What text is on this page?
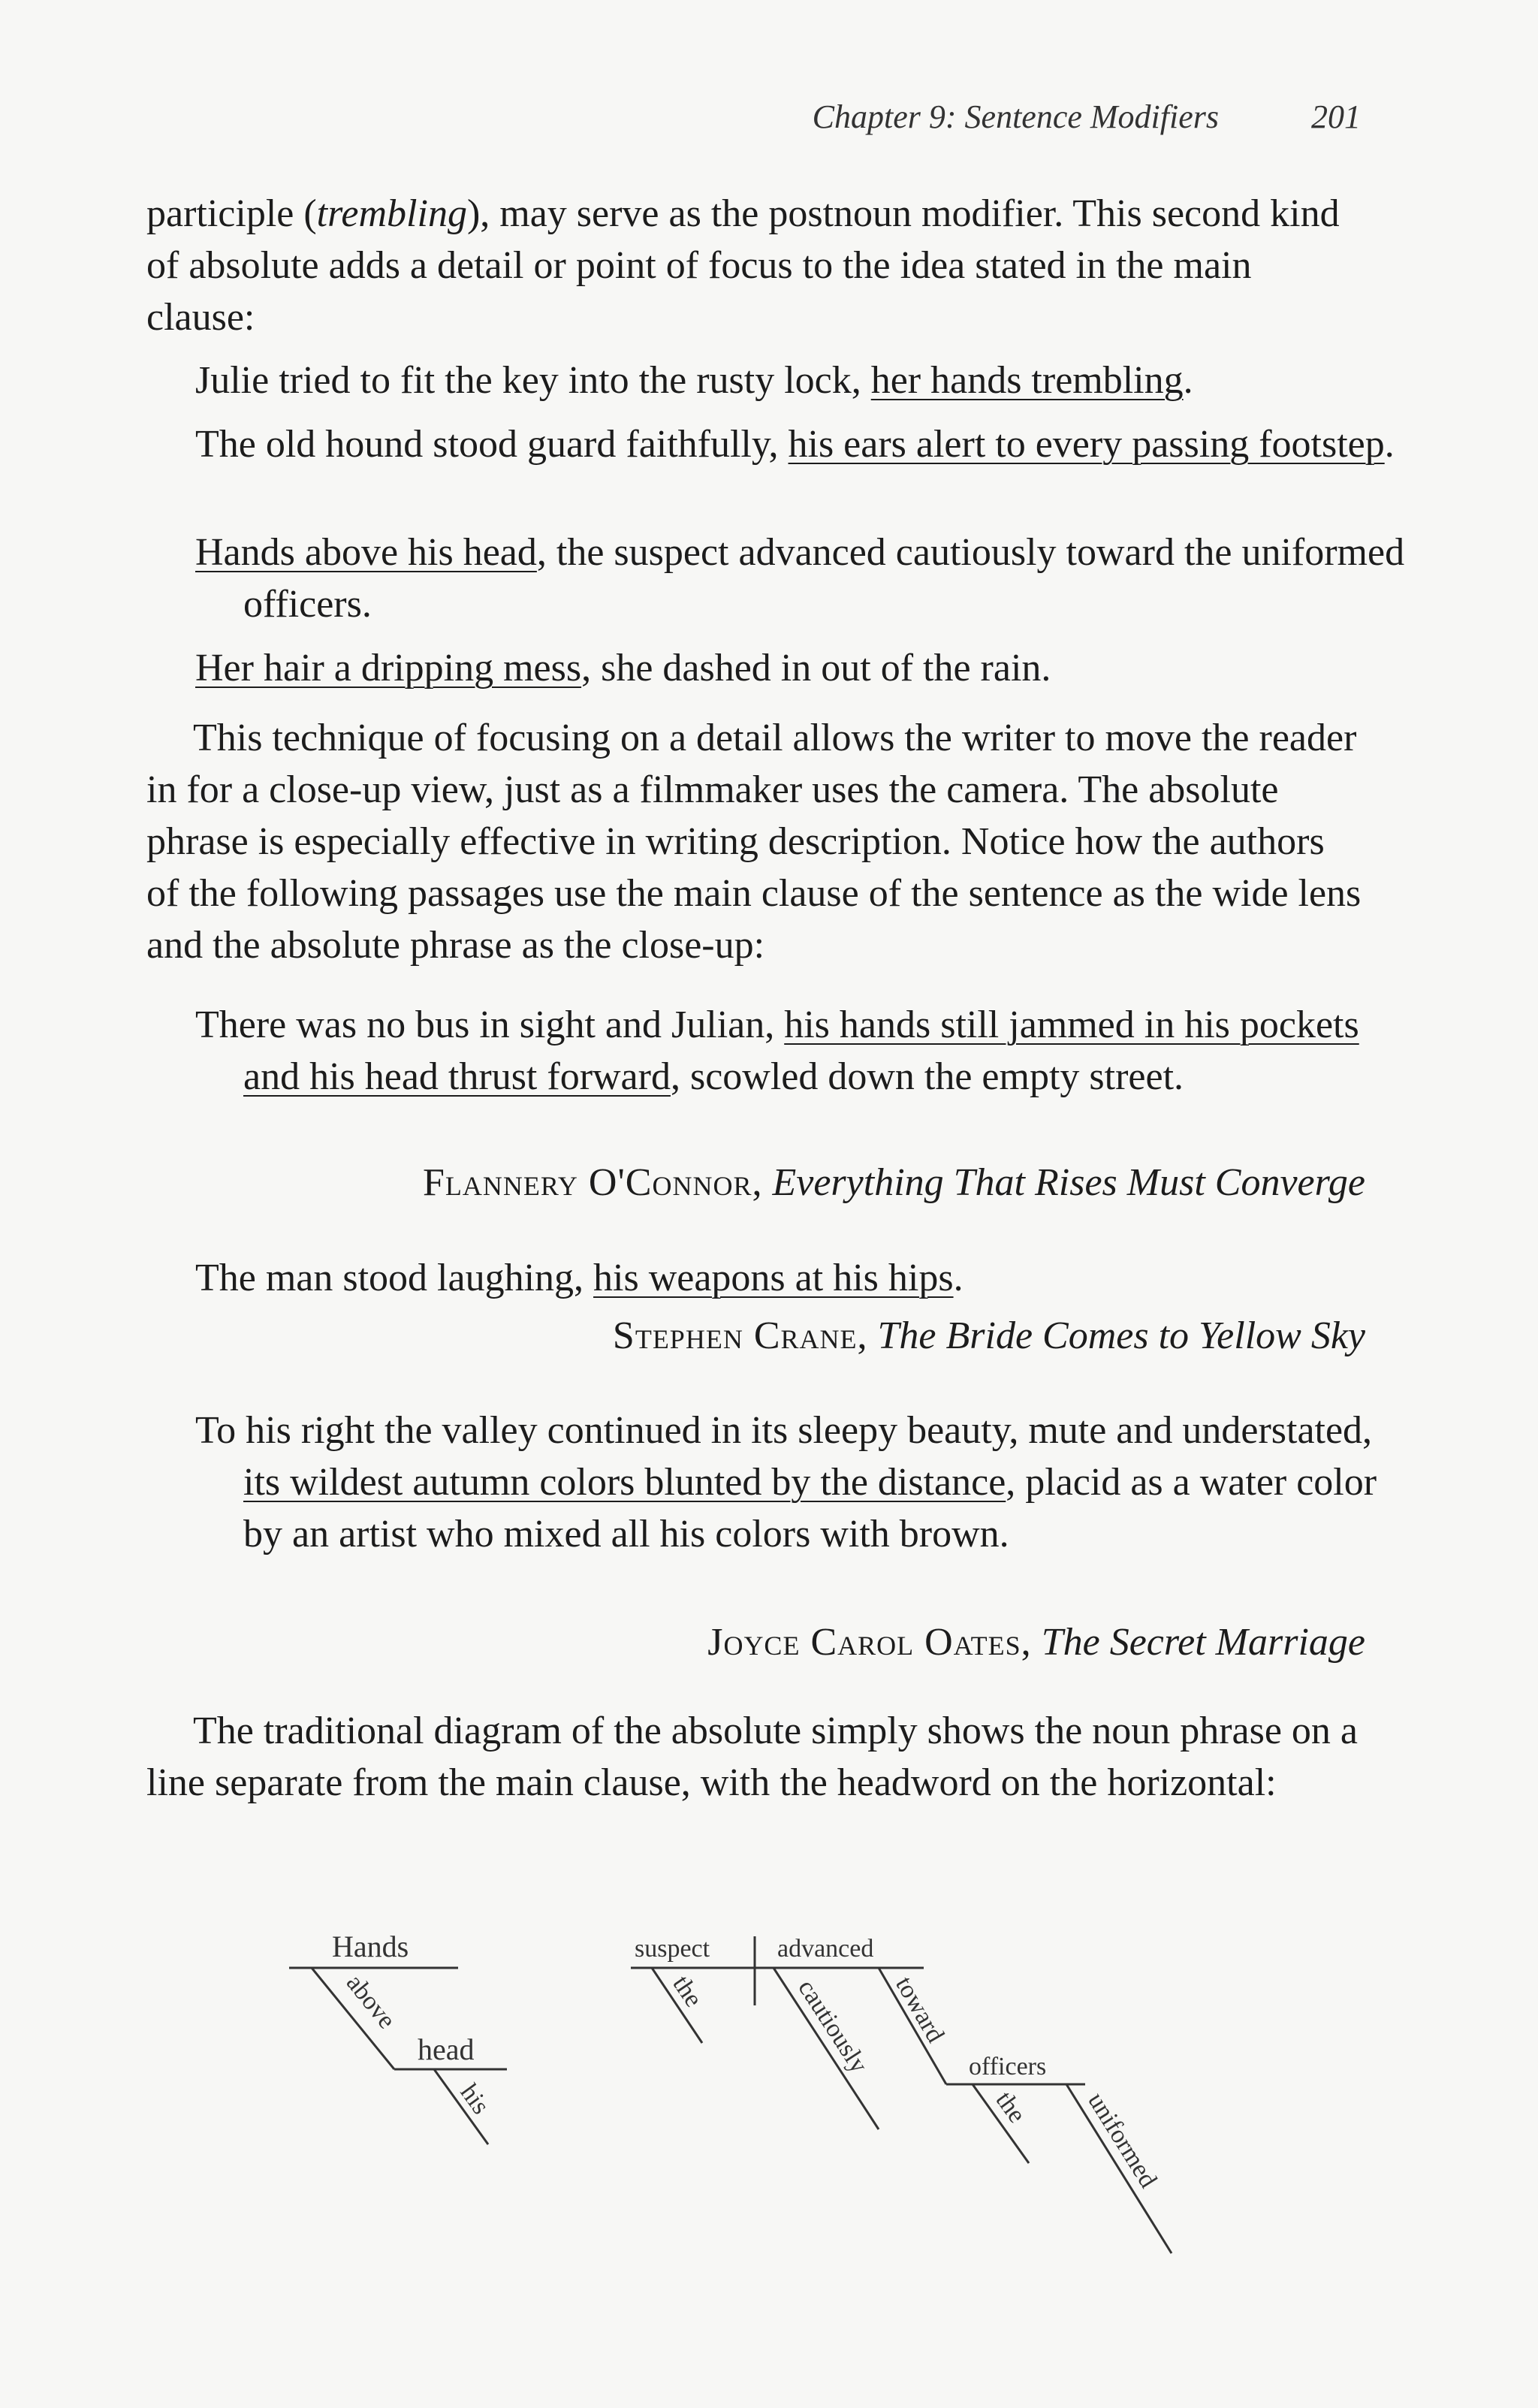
Chapter 9: Sentence Modifiers	201

participle (trembling), may serve as the postnoun modifier. This second kind of absolute adds a detail or point of focus to the idea stated in the main clause:

Julie tried to fit the key into the rusty lock, her hands trembling.

The old hound stood guard faithfully, his ears alert to every passing footstep.

Hands above his head, the suspect advanced cautiously toward the uniformed officers.

Her hair a dripping mess, she dashed in out of the rain.

This technique of focusing on a detail allows the writer to move the reader in for a close-up view, just as a filmmaker uses the camera. The absolute phrase is especially effective in writing description. Notice how the authors of the following passages use the main clause of the sentence as the wide lens and the absolute phrase as the close-up:

There was no bus in sight and Julian, his hands still jammed in his pockets and his head thrust forward, scowled down the empty street.

Flannery O'Connor, Everything That Rises Must Converge

The man stood laughing, his weapons at his hips.

Stephen Crane, The Bride Comes to Yellow Sky

To his right the valley continued in its sleepy beauty, mute and understated, its wildest autumn colors blunted by the distance, placid as a water color by an artist who mixed all his colors with brown.

Joyce Carol Oates, The Secret Marriage

The traditional diagram of the absolute simply shows the noun phrase on a line separate from the main clause, with the headword on the horizontal:

Hands
head
suspect	advanced
officers
above
his
the	cautiously toward
the uniformed
